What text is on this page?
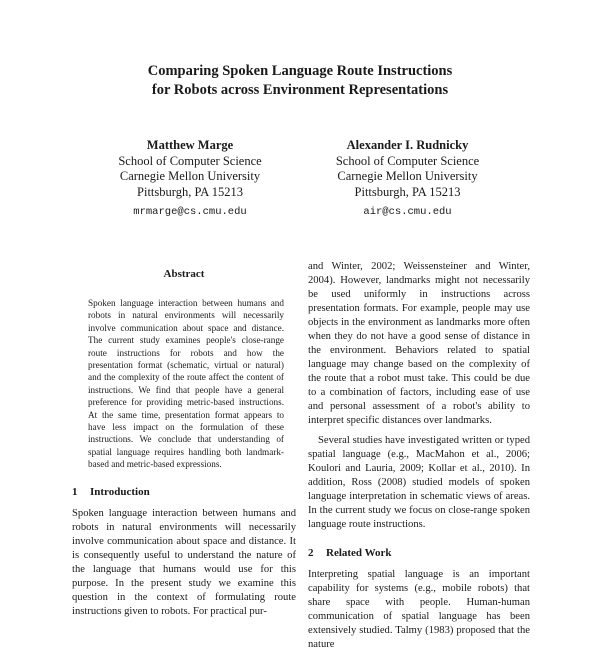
Comparing Spoken Language Route Instructions
for Robots across Environment Representations
Matthew Marge
School of Computer Science
Carnegie Mellon University
Pittsburgh, PA 15213
mrmarge@cs.cmu.edu
Alexander I. Rudnicky
School of Computer Science
Carnegie Mellon University
Pittsburgh, PA 15213
air@cs.cmu.edu
Abstract

Spoken language interaction between humans and robots in natural environments will necessarily involve communication about space and distance. The current study examines people's close-range route instructions for robots and how the presentation format (schematic, virtual or natural) and the complexity of the route affect the content of instructions. We find that people have a general preference for providing metric-based instructions. At the same time, presentation format appears to have less impact on the formulation of these instructions. We conclude that understanding of spatial language requires handling both landmark-based and metric-based expressions.

1 Introduction

Spoken language interaction between humans and robots in natural environments will necessarily involve communication about space and distance. It is consequently useful to understand the nature of the language that humans would use for this purpose. In the present study we examine this question in the context of formulating route instructions given to robots. For practical pur-

and Winter, 2002; Weissensteiner and Winter, 2004). However, landmarks might not necessarily be used uniformly in instructions across presentation formats. For example, people may use objects in the environment as landmarks more often when they do not have a good sense of distance in the environment. Behaviors related to spatial language may change based on the complexity of the route that a robot must take. This could be due to a combination of factors, including ease of use and personal assessment of a robot's ability to interpret specific distances over landmarks.

Several studies have investigated written or typed spatial language (e.g., MacMahon et al., 2006; Koulori and Lauria, 2009; Kollar et al., 2010). In addition, Ross (2008) studied models of spoken language interpretation in schematic views of areas. In the current study we focus on close-range spoken language route instructions.

2 Related Work

Interpreting spatial language is an important capability for systems (e.g., mobile robots) that share space with people. Human-human communication of spatial language has been extensively studied. Talmy (1983) proposed that the nature
